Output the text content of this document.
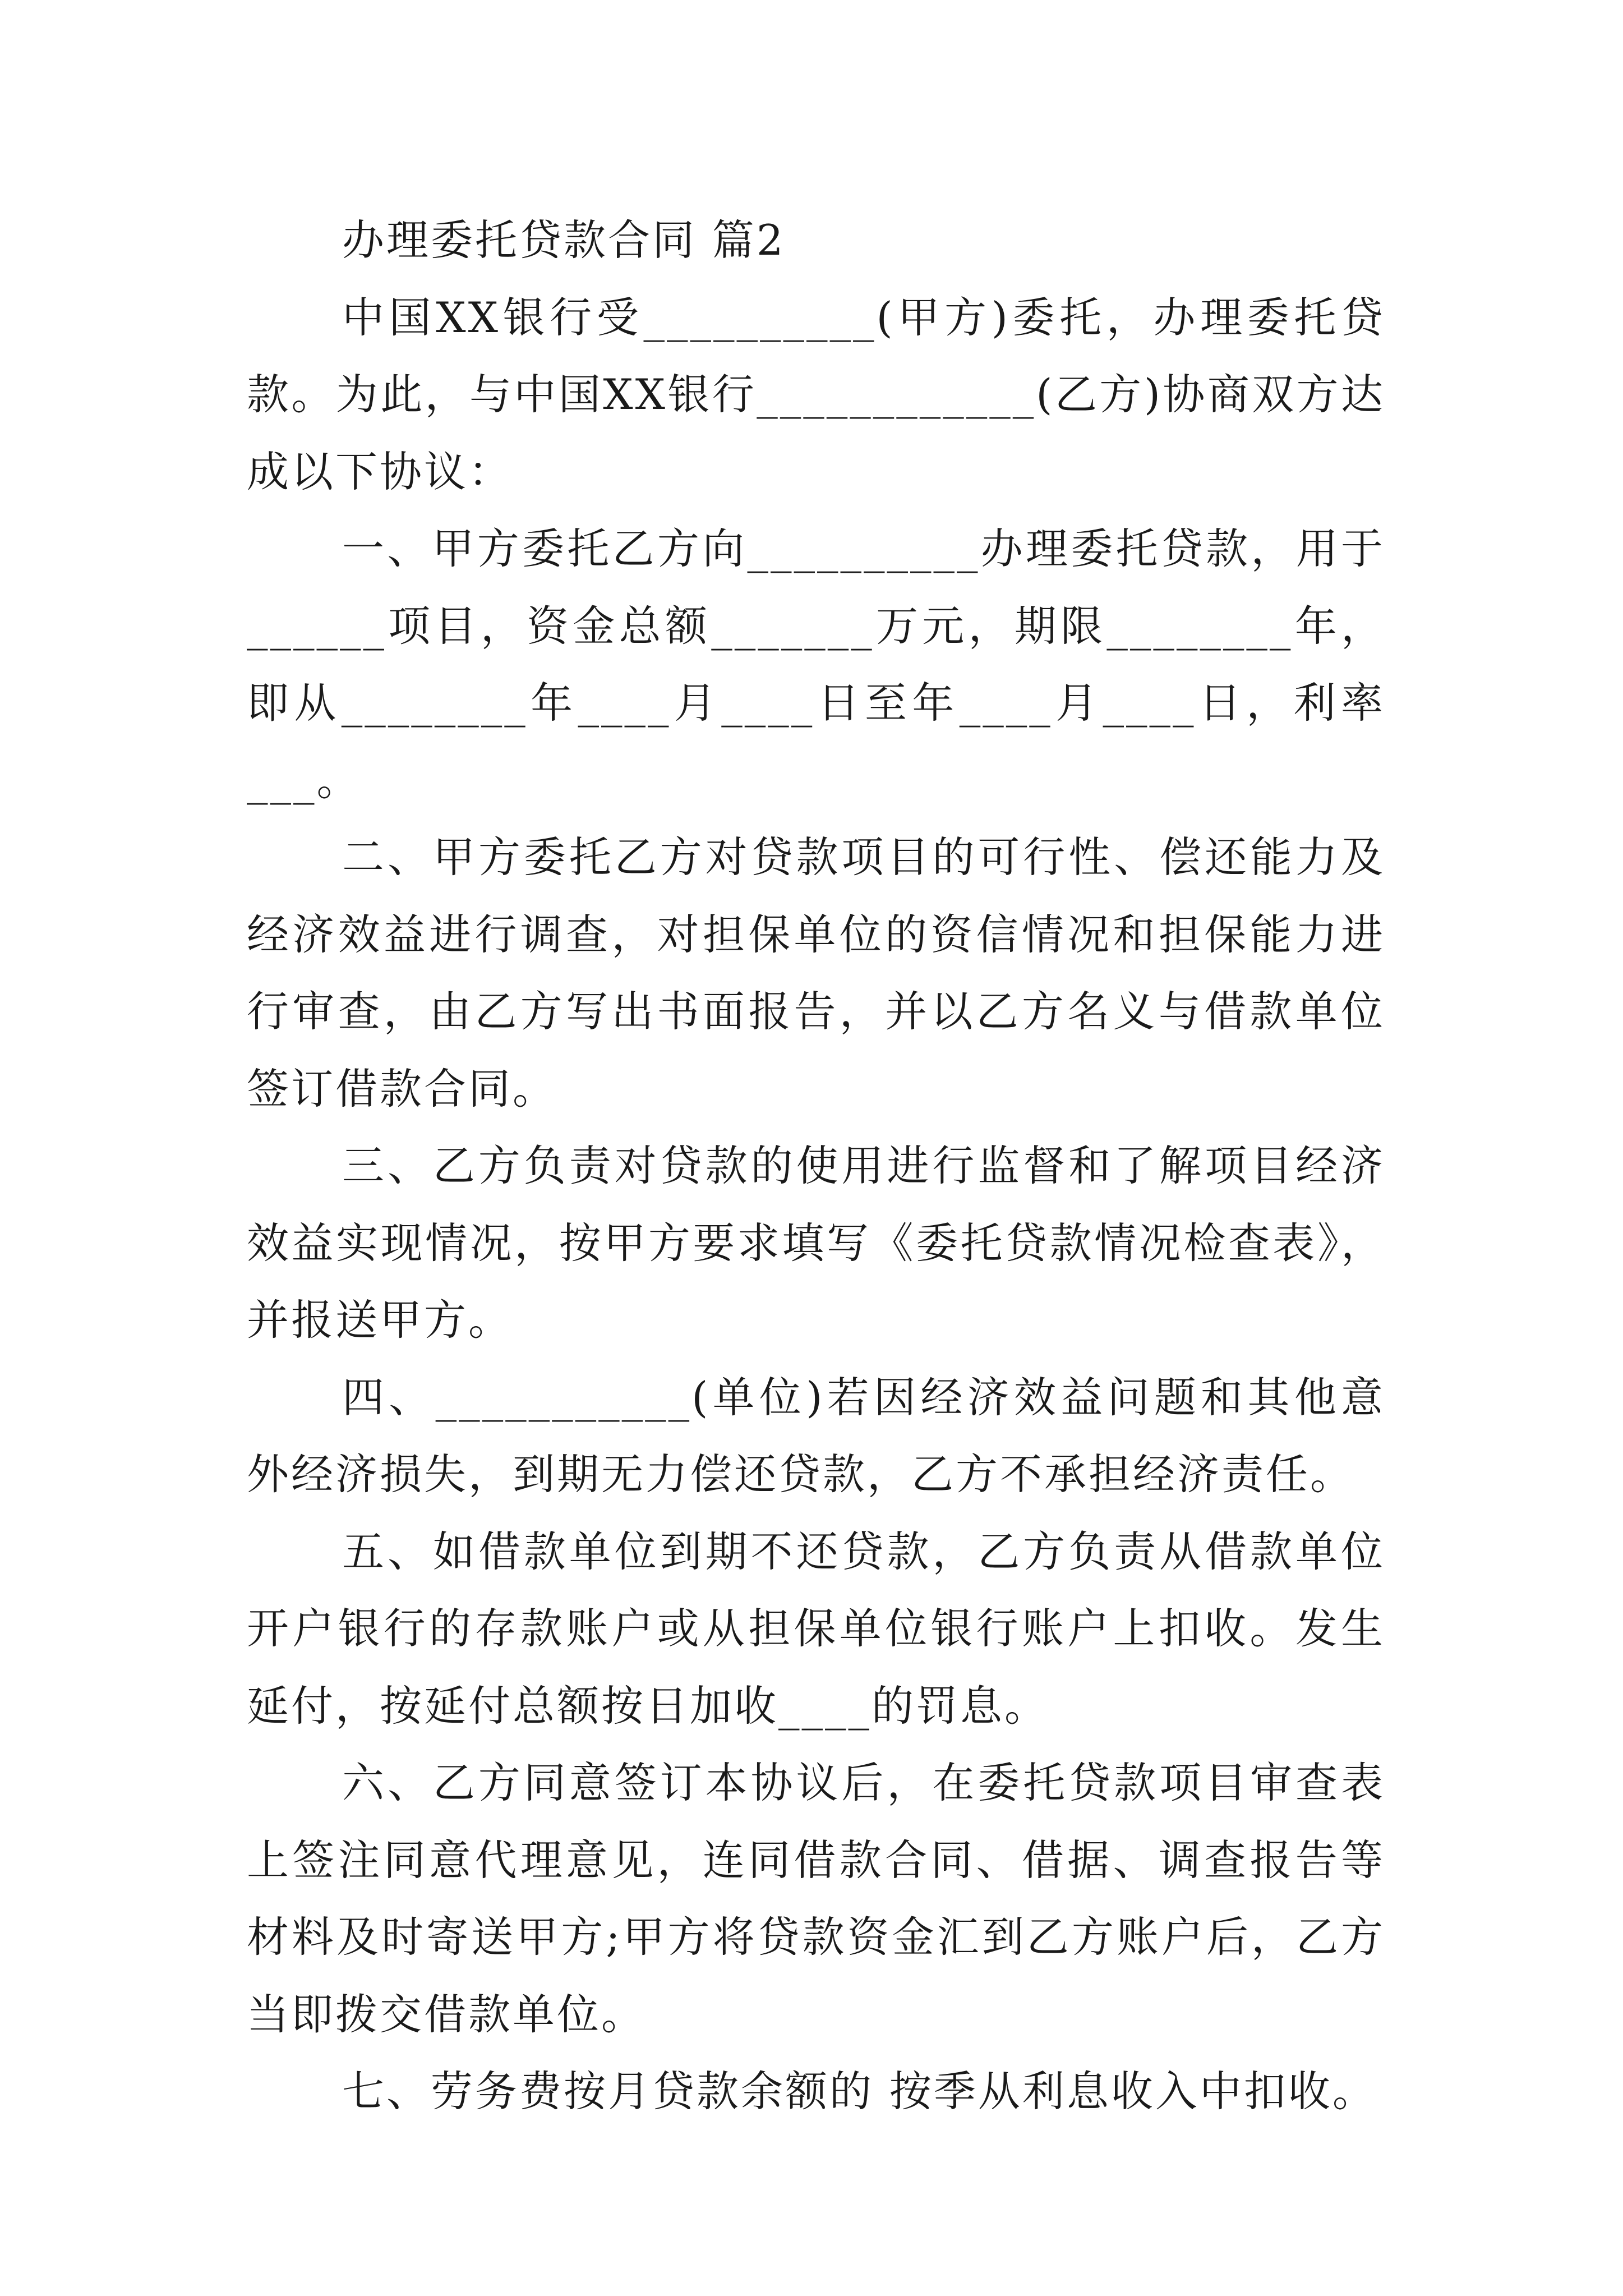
办理委托贷款合同 篇2

中国XX银行受__________(甲方)委托，办理委托贷款。为此，与中国XX银行____________(乙方)协商双方达成以下协议：

一、甲方委托乙方向__________办理委托贷款，用于______项目，资金总额_______万元，期限________年，即从________年____月____日至年____月____日，利率___。

二、甲方委托乙方对贷款项目的可行性、偿还能力及经济效益进行调查，对担保单位的资信情况和担保能力进行审查，由乙方写出书面报告，并以乙方名义与借款单位签订借款合同。

三、乙方负责对贷款的使用进行监督和了解项目经济效益实现情况，按甲方要求填写《委托贷款情况检查表》，并报送甲方。

四、___________(单位)若因经济效益问题和其他意外经济损失，到期无力偿还贷款，乙方不承担经济责任。

五、如借款单位到期不还贷款，乙方负责从借款单位开户银行的存款账户或从担保单位银行账户上扣收。发生延付，按延付总额按日加收____的罚息。

六、乙方同意签订本协议后，在委托贷款项目审查表上签注同意代理意见，连同借款合同、借据、调查报告等材料及时寄送甲方;甲方将贷款资金汇到乙方账户后，乙方当即拨交借款单位。

七、劳务费按月贷款余额的 按季从利息收入中扣收。
